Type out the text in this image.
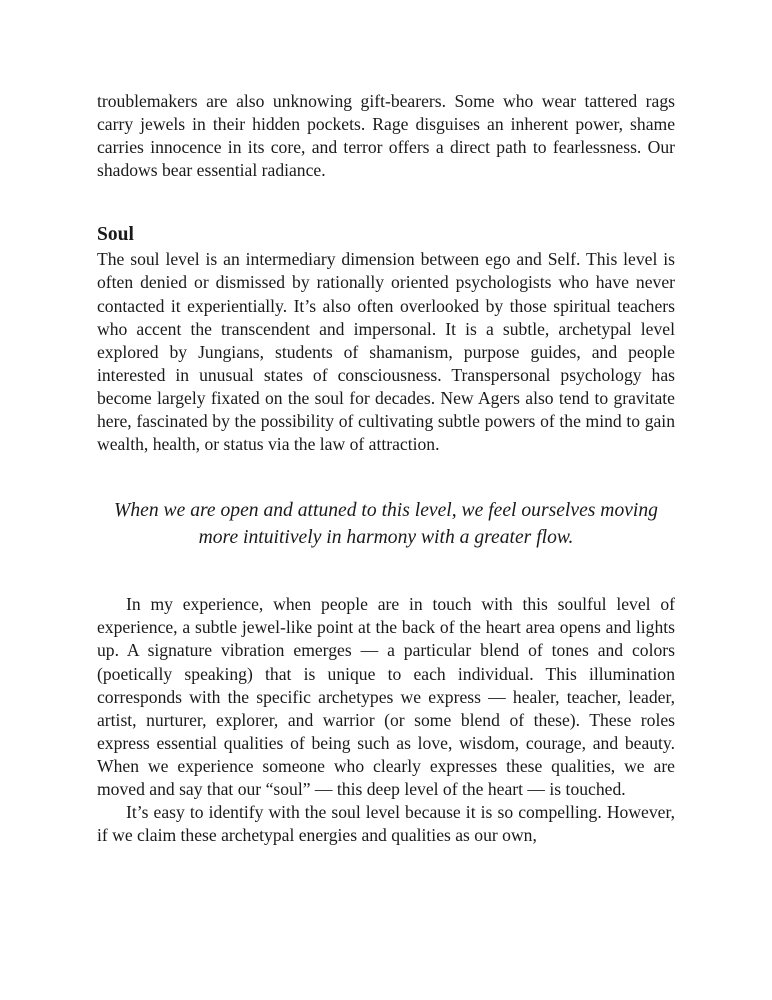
troublemakers are also unknowing gift-bearers. Some who wear tattered rags carry jewels in their hidden pockets. Rage disguises an inherent power, shame carries innocence in its core, and terror offers a direct path to fearlessness. Our shadows bear essential radiance.

Soul

The soul level is an intermediary dimension between ego and Self. This level is often denied or dismissed by rationally oriented psychologists who have never contacted it experientially. It’s also often overlooked by those spiritual teachers who accent the transcendent and impersonal. It is a subtle, archetypal level explored by Jungians, students of shamanism, purpose guides, and people interested in unusual states of consciousness. Transpersonal psychology has become largely fixated on the soul for decades. New Agers also tend to gravitate here, fascinated by the possibility of cultivating subtle powers of the mind to gain wealth, health, or status via the law of attraction.

When we are open and attuned to this level, we feel ourselves moving more intuitively in harmony with a greater flow.

In my experience, when people are in touch with this soulful level of experience, a subtle jewel-like point at the back of the heart area opens and lights up. A signature vibration emerges — a particular blend of tones and colors (poetically speaking) that is unique to each individual. This illumination corresponds with the specific archetypes we express — healer, teacher, leader, artist, nurturer, explorer, and warrior (or some blend of these). These roles express essential qualities of being such as love, wisdom, courage, and beauty. When we experience someone who clearly expresses these qualities, we are moved and say that our “soul” — this deep level of the heart — is touched.

It’s easy to identify with the soul level because it is so compelling. However, if we claim these archetypal energies and qualities as our own,
